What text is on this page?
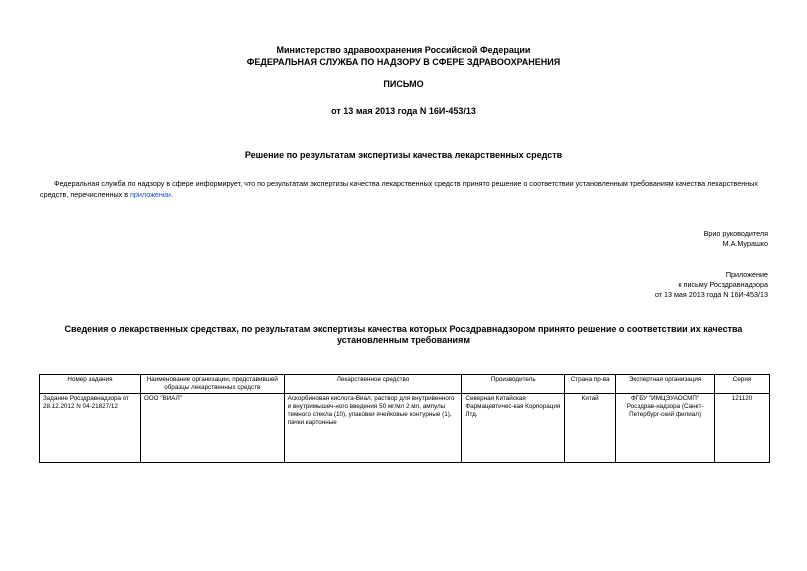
Министерство здравоохранения Российской Федерации
ФЕДЕРАЛЬНАЯ СЛУЖБА ПО НАДЗОРУ В СФЕРЕ ЗДРАВООХРАНЕНИЯ
ПИСЬМО
от 13 мая 2013 года N 16И-453/13
Решение по результатам экспертизы качества лекарственных средств
Федеральная служба по надзору в сфере информирует, что по результатам экспертизы качества лекарственных средств принято решение о соответствии установленным требованиям качества лекарственных средств, перечисленных в приложении.
Врио руководителя
М.А.Мурашко
Приложение
к письму Росздравнадзора
от 13 мая 2013 года N 16И-453/13
Сведения о лекарственных средствах, по результатам экспертизы качества которых Росздравнадзором принято решение о соответствии их качества установленным требованиям
Номер задания	Наименование организации, представившей образцы лекарственных средств	Лекарственное средство	Производитель	Страна пр-ва	Экспертная организация	Серия
Задание Росздравнадзора от 28.12.2012 N 04-21827/12	ООО "ВИАЛ"	Аскорбиновая кислота-Виал, раствор для внутривенного и внутримышеч-ного введения 50 мг/мл 2 мл, ампулы темного стекла (10), упаковки ячейковые контурные (1), пачки картонные	Северная Китайская Фармацевтичес-кая Корпорация Лтд.	Китай	ФГБУ "ИМЦЭУАОСМП" Росздрав-надзора (Санкт-Петербург-ский филиал)	121120
